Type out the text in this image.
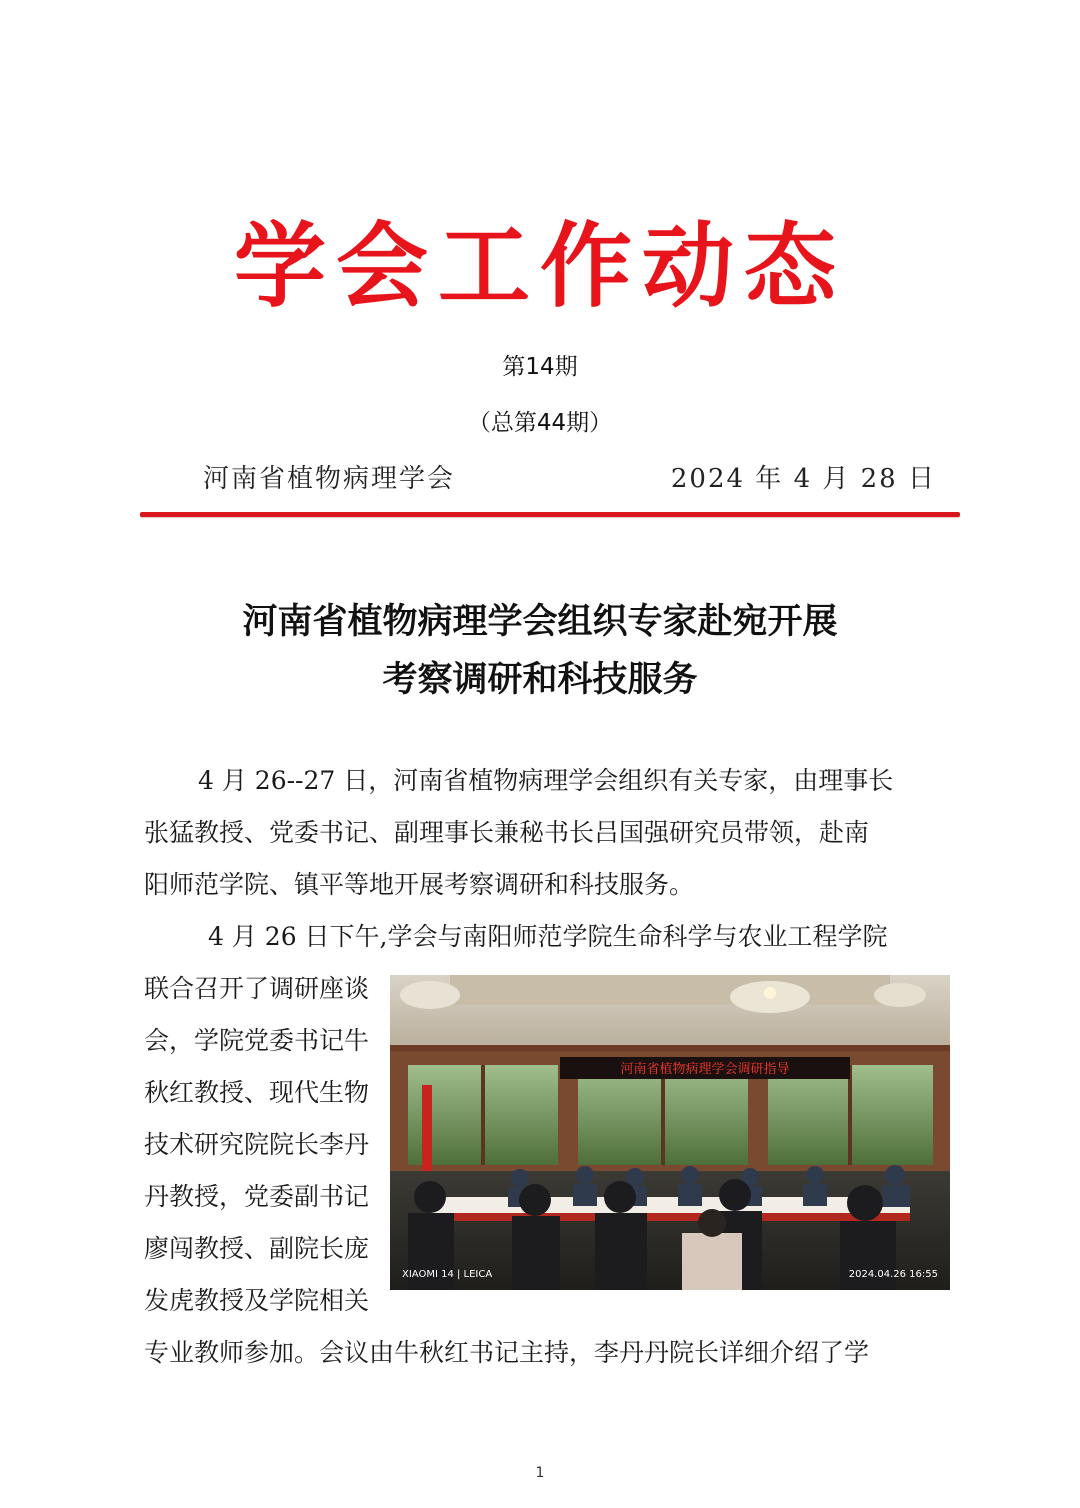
学会工作动态
第14期
（总第44期）
河南省植物病理学会	2024 年 4 月 28 日
河南省植物病理学会组织专家赴宛开展
考察调研和科技服务
4 月 26--27 日，河南省植物病理学会组织有关专家，由理事长
张猛教授、党委书记、副理事长兼秘书长吕国强研究员带领，赴南
阳师范学院、镇平等地开展考察调研和科技服务。
4 月 26 日下午,学会与南阳师范学院生命科学与农业工程学院
联合召开了调研座谈
会，学院党委书记牛
秋红教授、现代生物
技术研究院院长李丹
丹教授，党委副书记
廖闯教授、副院长庞
发虎教授及学院相关
专业教师参加。会议由牛秋红书记主持，李丹丹院长详细介绍了学
河南省植物病理学会调研指导
XIAOMI 14 | LEICA	2024.04.26 16:55
1
